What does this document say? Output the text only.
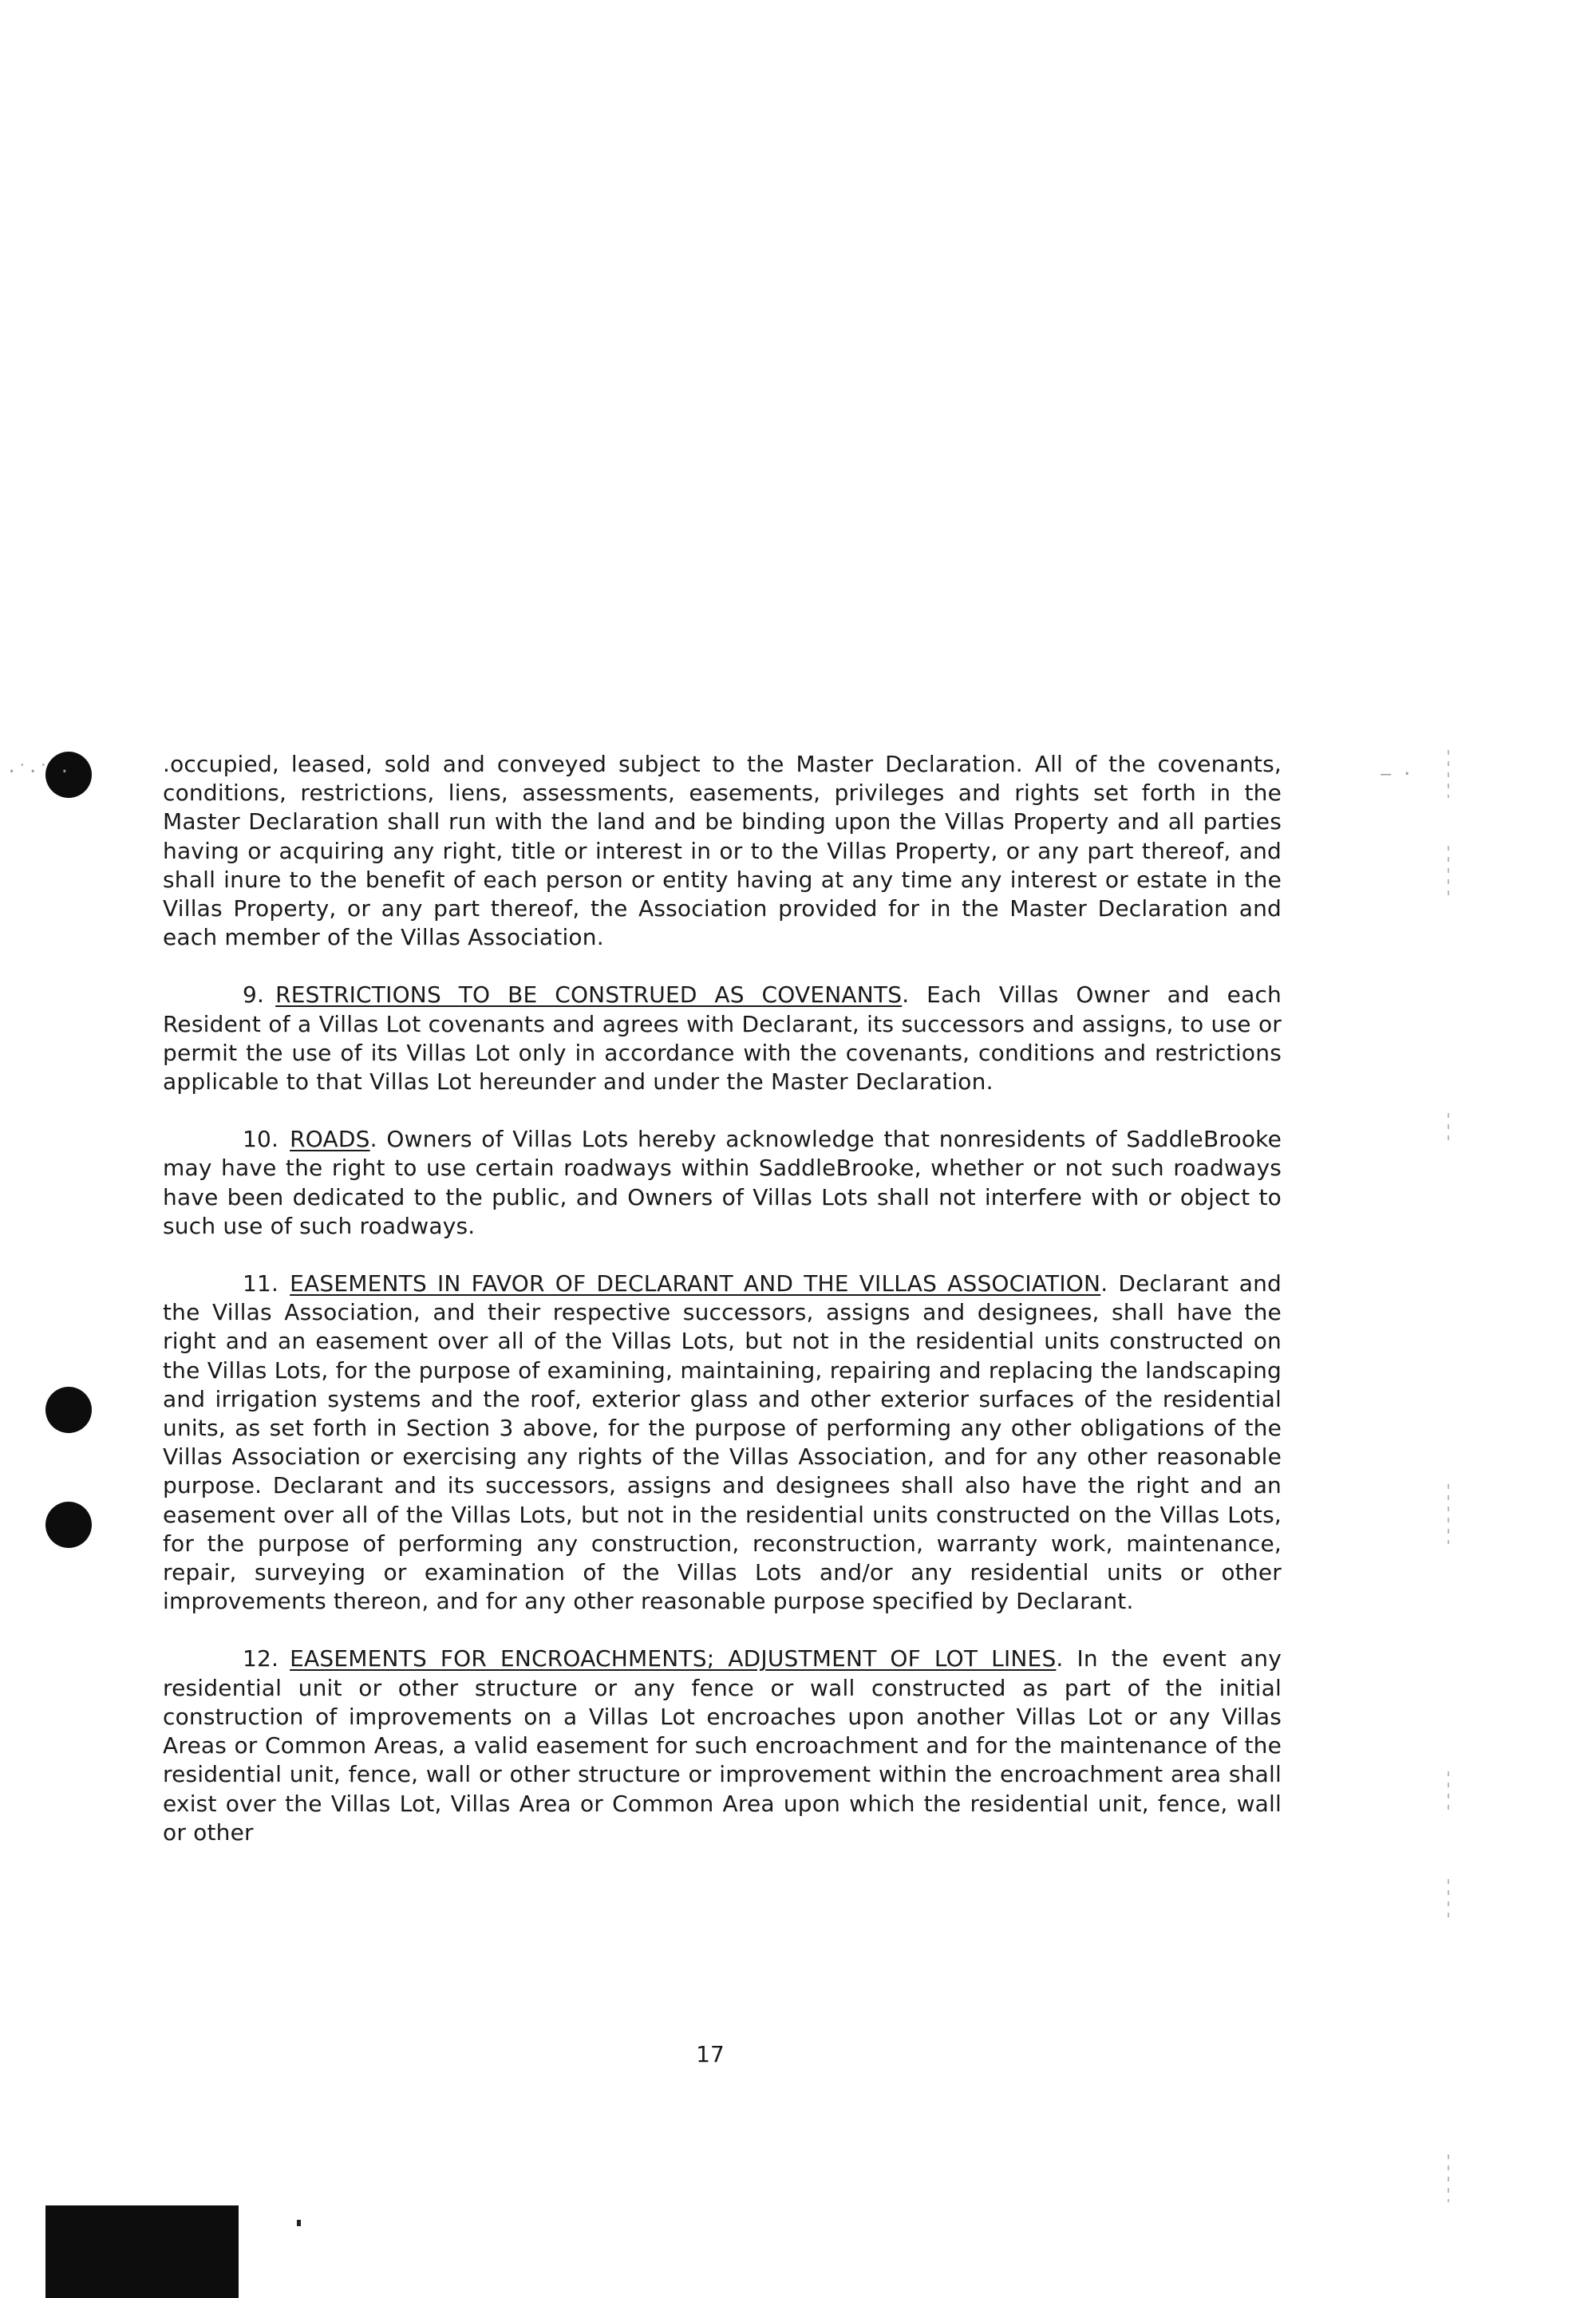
·˙·˙ ·	– ·

.occupied, leased, sold and conveyed subject to the Master Declaration. All of the covenants, conditions, restrictions, liens, assessments, easements, privileges and rights set forth in the Master Declaration shall run with the land and be binding upon the Villas Property and all parties having or acquiring any right, title or interest in or to the Villas Property, or any part thereof, and shall inure to the benefit of each person or entity having at any time any interest or estate in the Villas Property, or any part thereof, the Association provided for in the Master Declaration and each member of the Villas Association.

9. RESTRICTIONS TO BE CONSTRUED AS COVENANTS. Each Villas Owner and each Resident of a Villas Lot covenants and agrees with Declarant, its successors and assigns, to use or permit the use of its Villas Lot only in accordance with the covenants, conditions and restrictions applicable to that Villas Lot hereunder and under the Master Declaration.

10. ROADS. Owners of Villas Lots hereby acknowledge that nonresidents of SaddleBrooke may have the right to use certain roadways within SaddleBrooke, whether or not such roadways have been dedicated to the public, and Owners of Villas Lots shall not interfere with or object to such use of such roadways.

11. EASEMENTS IN FAVOR OF DECLARANT AND THE VILLAS ASSOCIATION. Declarant and the Villas Association, and their respective successors, assigns and designees, shall have the right and an easement over all of the Villas Lots, but not in the residential units constructed on the Villas Lots, for the purpose of examining, maintaining, repairing and replacing the landscaping and irrigation systems and the roof, exterior glass and other exterior surfaces of the residential units, as set forth in Section 3 above, for the purpose of performing any other obligations of the Villas Association or exercising any rights of the Villas Association, and for any other reasonable purpose. Declarant and its successors, assigns and designees shall also have the right and an easement over all of the Villas Lots, but not in the residential units constructed on the Villas Lots, for the purpose of performing any construction, reconstruction, warranty work, maintenance, repair, surveying or examination of the Villas Lots and/or any residential units or other improvements thereon, and for any other reasonable purpose specified by Declarant.

12. EASEMENTS FOR ENCROACHMENTS; ADJUSTMENT OF LOT LINES. In the event any residential unit or other structure or any fence or wall constructed as part of the initial construction of improvements on a Villas Lot encroaches upon another Villas Lot or any Villas Areas or Common Areas, a valid easement for such encroachment and for the maintenance of the residential unit, fence, wall or other structure or improvement within the encroachment area shall exist over the Villas Lot, Villas Area or Common Area upon which the residential unit, fence, wall or other

17
